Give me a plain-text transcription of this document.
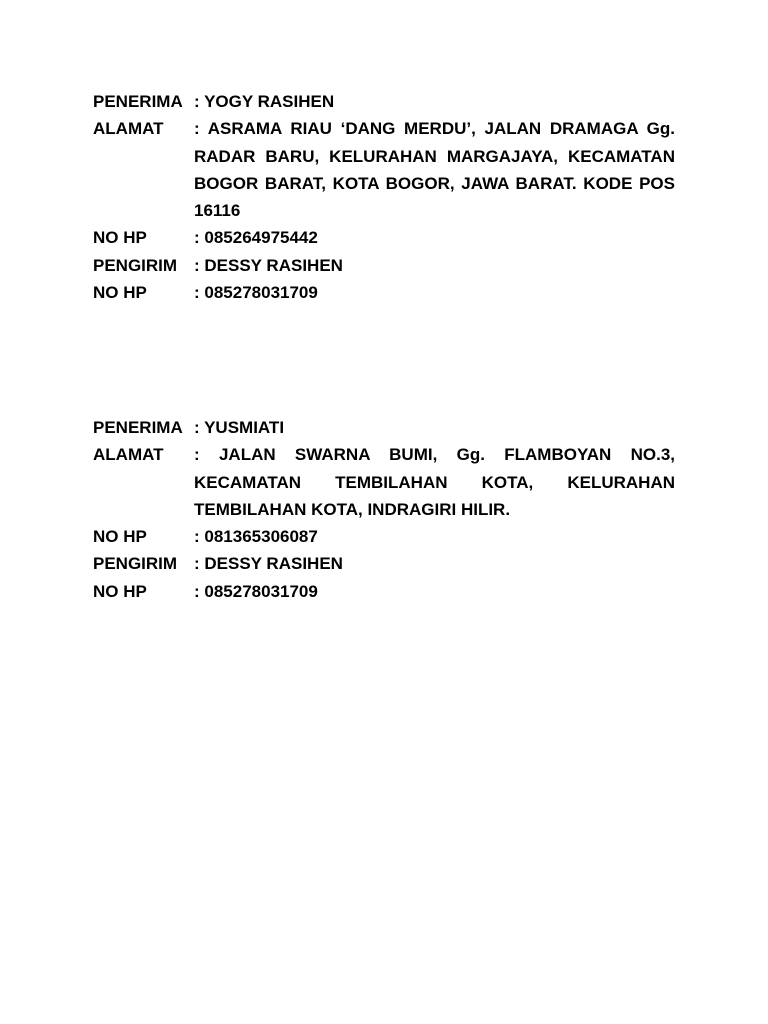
PENERIMA : YOGY RASIHEN
ALAMAT	: ASRAMA RIAU ‘DANG MERDU’, JALAN DRAMAGA Gg. RADAR BARU, KELURAHAN MARGAJAYA, KECAMATAN BOGOR BARAT, KOTA BOGOR, JAWA BARAT. KODE POS 16116
NO HP	: 085264975442
PENGIRIM : DESSY RASIHEN
NO HP	: 085278031709
PENERIMA : YUSMIATI
ALAMAT	: JALAN SWARNA BUMI, Gg. FLAMBOYAN NO.3, KECAMATAN TEMBILAHAN KOTA, KELURAHAN TEMBILAHAN KOTA, INDRAGIRI HILIR.
NO HP	: 081365306087
PENGIRIM : DESSY RASIHEN
NO HP	: 085278031709
